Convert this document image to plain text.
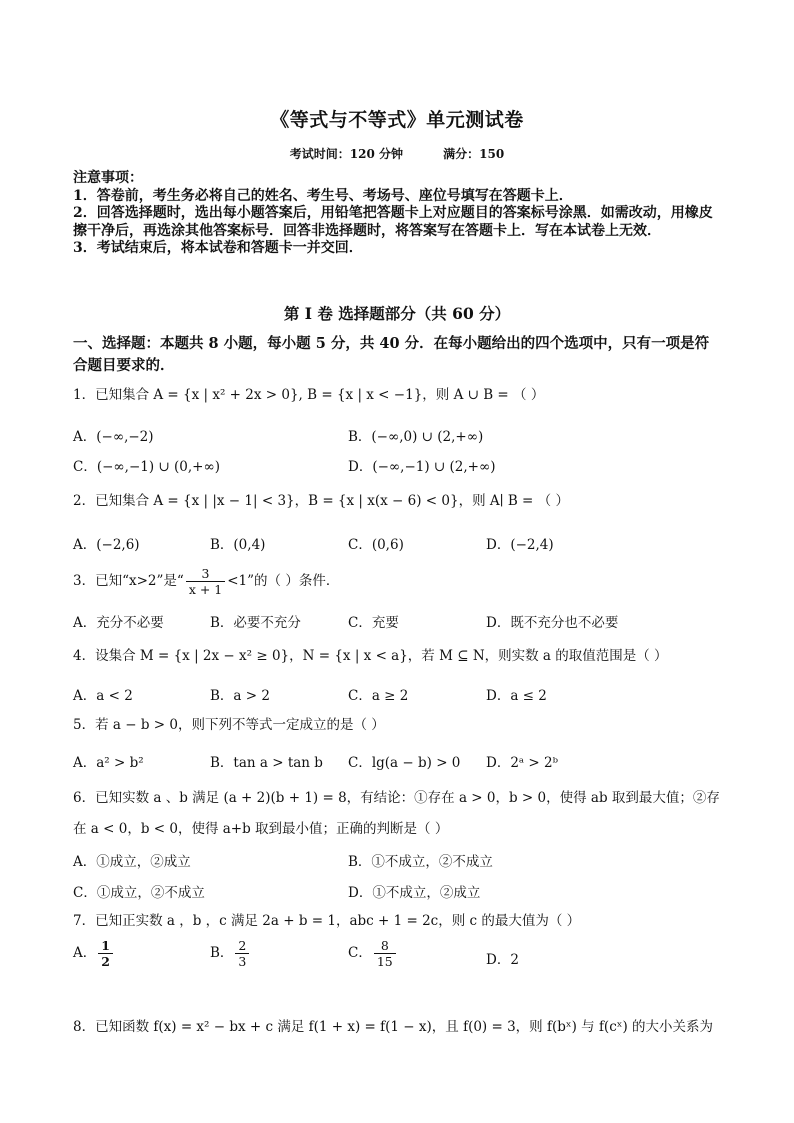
《等式与不等式》单元测试卷
考试时间：120 分钟	满分：150

注意事项：

1．答卷前，考生务必将自己的姓名、考生号、考场号、座位号填写在答题卡上．

2．回答选择题时，选出每小题答案后，用铅笔把答题卡上对应题目的答案标号涂黑．如需改动，用橡皮擦干净后，再选涂其他答案标号．回答非选择题时，将答案写在答题卡上．写在本试卷上无效．

3．考试结束后，将本试卷和答题卡一并交回．

第 I 卷 选择题部分（共 60 分）
一、选择题：本题共 8 小题，每小题 5 分，共 40 分．在每小题给出的四个选项中，只有一项是符合题目要求的．
1．已知集合 A = {x | x² + 2x > 0}, B = {x | x < −1}，则 A ∪ B = （ ）
A．(−∞,−2)	B．(−∞,0) ∪ (2,+∞)
C．(−∞,−1) ∪ (0,+∞)	D．(−∞,−1) ∪ (2,+∞)
2．已知集合 A = {x | |x − 1| < 3}，B = {x | x(x − 6) < 0}，则 A∣ B = （ ）
A．(−2,6)	B．(0,4)	C．(0,6)	D．(−2,4)
3．已知“x>2”是“ $\frac{3}{x + 1} <1$”的（ ）条件．
A．充分不必要	B．必要不充分	C．充要	D．既不充分也不必要
4．设集合 M = {x | 2x − x² ≥ 0}，N = {x | x < a}，若 M ⊆ N，则实数 a 的取值范围是（ ）
A．a < 2	B．a > 2	C．a ≥ 2	D．a ≤ 2
5．若 a − b > 0，则下列不等式一定成立的是（ ）
A．a² > b²	B．tan a > tan b C．lg(a − b) > 0 D．2ᵃ > 2ᵇ
6．已知实数 a 、b 满足 (a + 2)(b + 1) = 8，有结论：①存在 a > 0，b > 0，使得 ab 取到最大值；②存在 a < 0，b < 0，使得 a+b 取到最小值；正确的判断是（ ）
A．①成立，②成立	B．①不成立，②不成立
C．①成立，②不成立	D．①不成立，②成立
7．已知正实数 a ，b ，c 满足 2a + b = 1，abc + 1 = 2c，则 c 的最大值为（ ）
A． $\frac{1}{2}$	B． $\frac{2}{3}$	C． $\frac{8}{15}$	D．2
8．已知函数 f(x) = x² − bx + c 满足 f(1 + x) = f(1 − x)，且 f(0) = 3，则 f(bˣ) 与 f(cˣ) 的大小关系为
